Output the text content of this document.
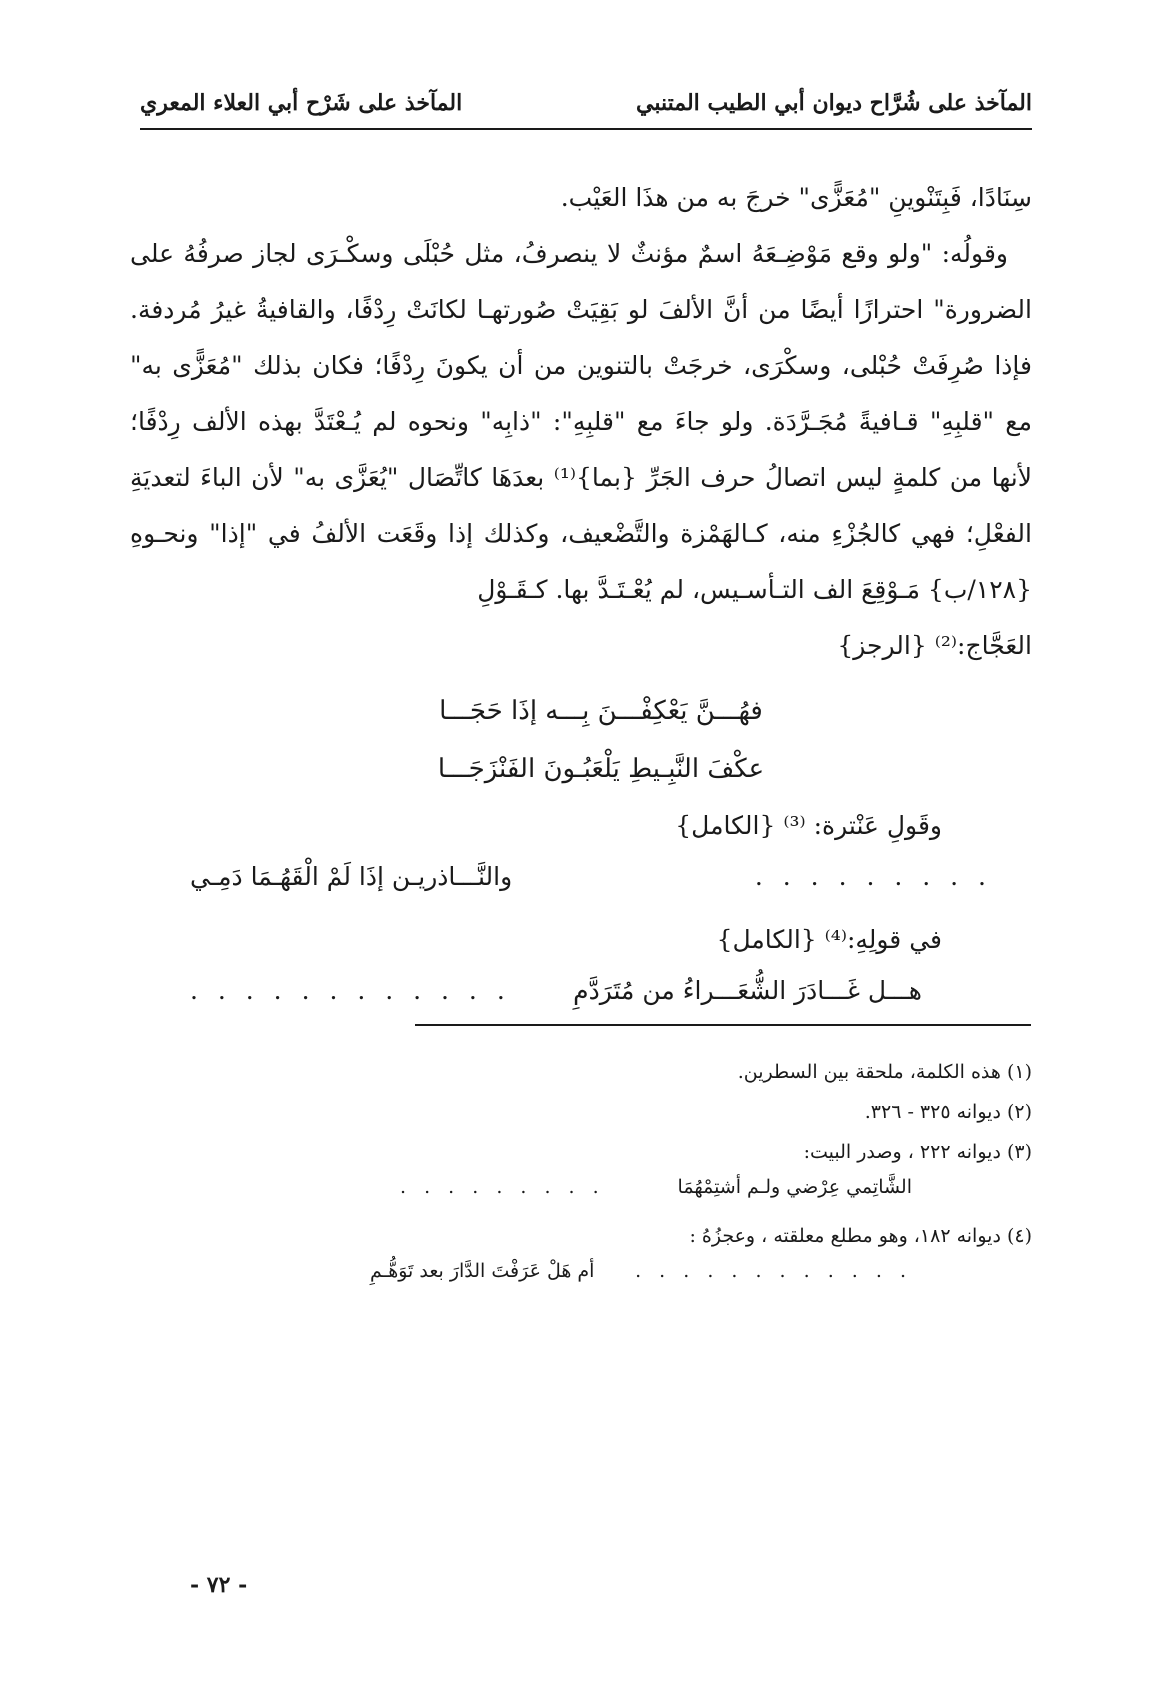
المآخذ على شُرَّاح ديوان أبي الطيب المتنبي
المآخذ على شَرْح أبي العلاء المعري

سِنَادًا، فَبِتَنْوينِ "مُعَزًّى" خرجَ به من هذَا العَيْب.

وقولُه: "ولو وقع مَوْضِـعَهُ اسمٌ مؤنثٌ لا ينصرفُ، مثل حُبْلَى وسكْـرَى لجاز صرفُهُ على الضرورة" احترازًا أيضًا من أنَّ الألفَ لو بَقِيَتْ صُورتهـا لكانَتْ رِدْفًا، والقافيةُ غيرُ مُردفة. فإذا صُرِفَتْ حُبْلى، وسكْرَى، خرجَتْ بالتنوين من أن يكونَ رِدْفًا؛ فكان بذلك "مُعَزًّى به" مع "قلبِهِ" قـافيةً مُجَـرَّدَة. ولو جاءَ مع "قلبِهِ": "ذابِه" ونحوه لم يُـعْتَدَّ بهذه الألف رِدْفًا؛ لأنها من كلمةٍ ليس اتصالُ حرف الجَرِّ {بما}⁽¹⁾ بعدَهَا كاتِّصَال "يُعَزَّى به" لأن الباءَ لتعديَةِ الفعْلِ؛ فهي كالجُزْءِ منه، كـالهَمْزة والتَّضْعيف، وكذلك إذا وقَعَت الألفُ في "إذا" ونحـوهِ {١٢٨/ب} مَـوْقِعَ الف التـأسـيس، لم يُعْـتَـدَّ بها. كـقَـوْلِ

العَجَّاج:⁽²⁾ {الرجز}

فهُـــنَّ يَعْكِفْـــنَ بِـــه إذَا حَجَـــا

عكْفَ النَّبِـيطِ يَلْعَبُـونَ الفَنْزَجَـــا

وقَولِ عَنْترة: ⁽³⁾ {الكامل}

. . . . . . . . .
والنَّـــاذريـن إذَا لَمْ الْقَهُـمَا دَمِـي

في قولِهِ:⁽⁴⁾ {الكامل}

هـــل غَـــادَرَ الشُّعَـــراءُ من مُتَرَدَّمِ
. . . . . . . . . . . .
(١) هذه الكلمة، ملحقة بين السطرين.
(٢) ديوانه ٣٢٥ - ٣٢٦.
(٣) ديوانه ٢٢٢ ، وصدر البيت:
الشَّاتِمي عِرْضي ولـم أشتِمْهُمَا
. . . . . . . . .
(٤) ديوانه ١٨٢، وهو مطلع معلقته ، وعجزُهُ :
. . . . . . . . . . . .
أم هَلْ عَرَفْتَ الدَّارَ بعد تَوَهُّـمِ
- ٧٢ -
